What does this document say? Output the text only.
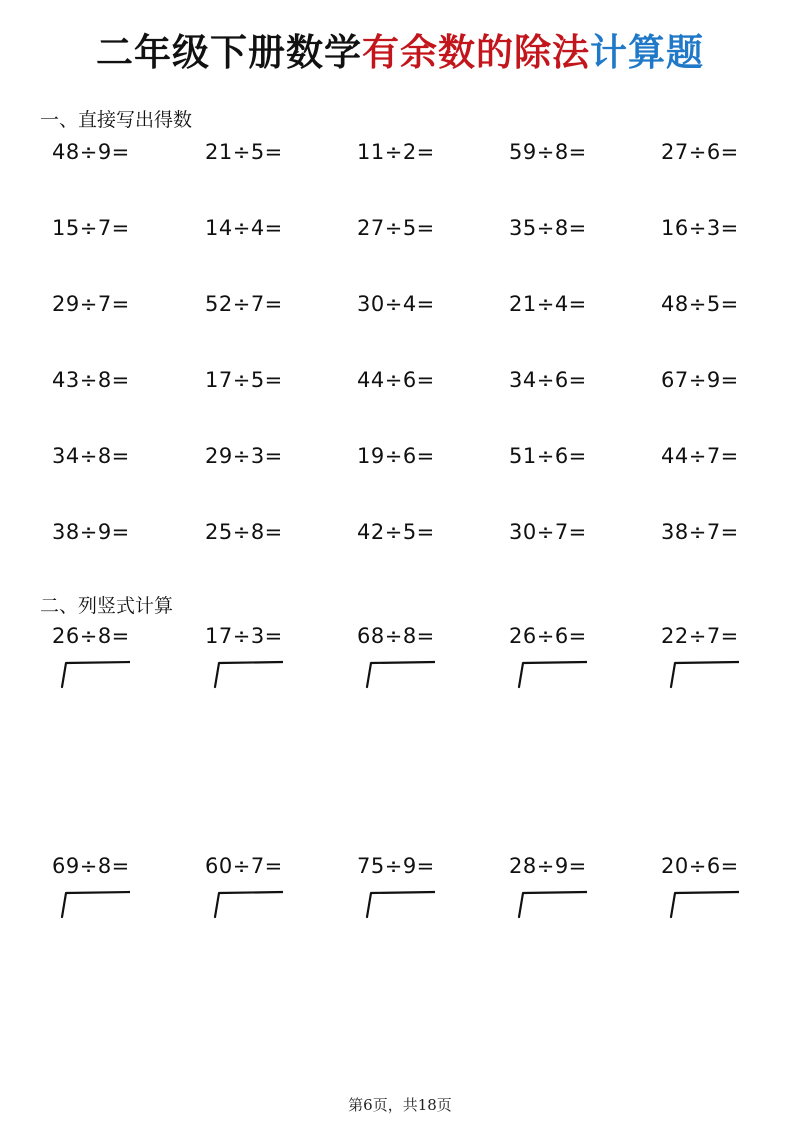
二年级下册数学有余数的除法计算题
一、直接写出得数
48÷9=	21÷5=	11÷2=	59÷8=	27÷6=
15÷7=	14÷4=	27÷5=	35÷8=	16÷3=
29÷7=	52÷7=	30÷4=	21÷4=	48÷5=
43÷8=	17÷5=	44÷6=	34÷6=	67÷9=
34÷8=	29÷3=	19÷6=	51÷6=	44÷7=
38÷9=	25÷8=	42÷5=	30÷7=	38÷7=
二、列竖式计算
26÷8=	17÷3=	68÷8=	26÷6=	22÷7=
69÷8=	60÷7=	75÷9=	28÷9=	20÷6=
第6页，共18页
